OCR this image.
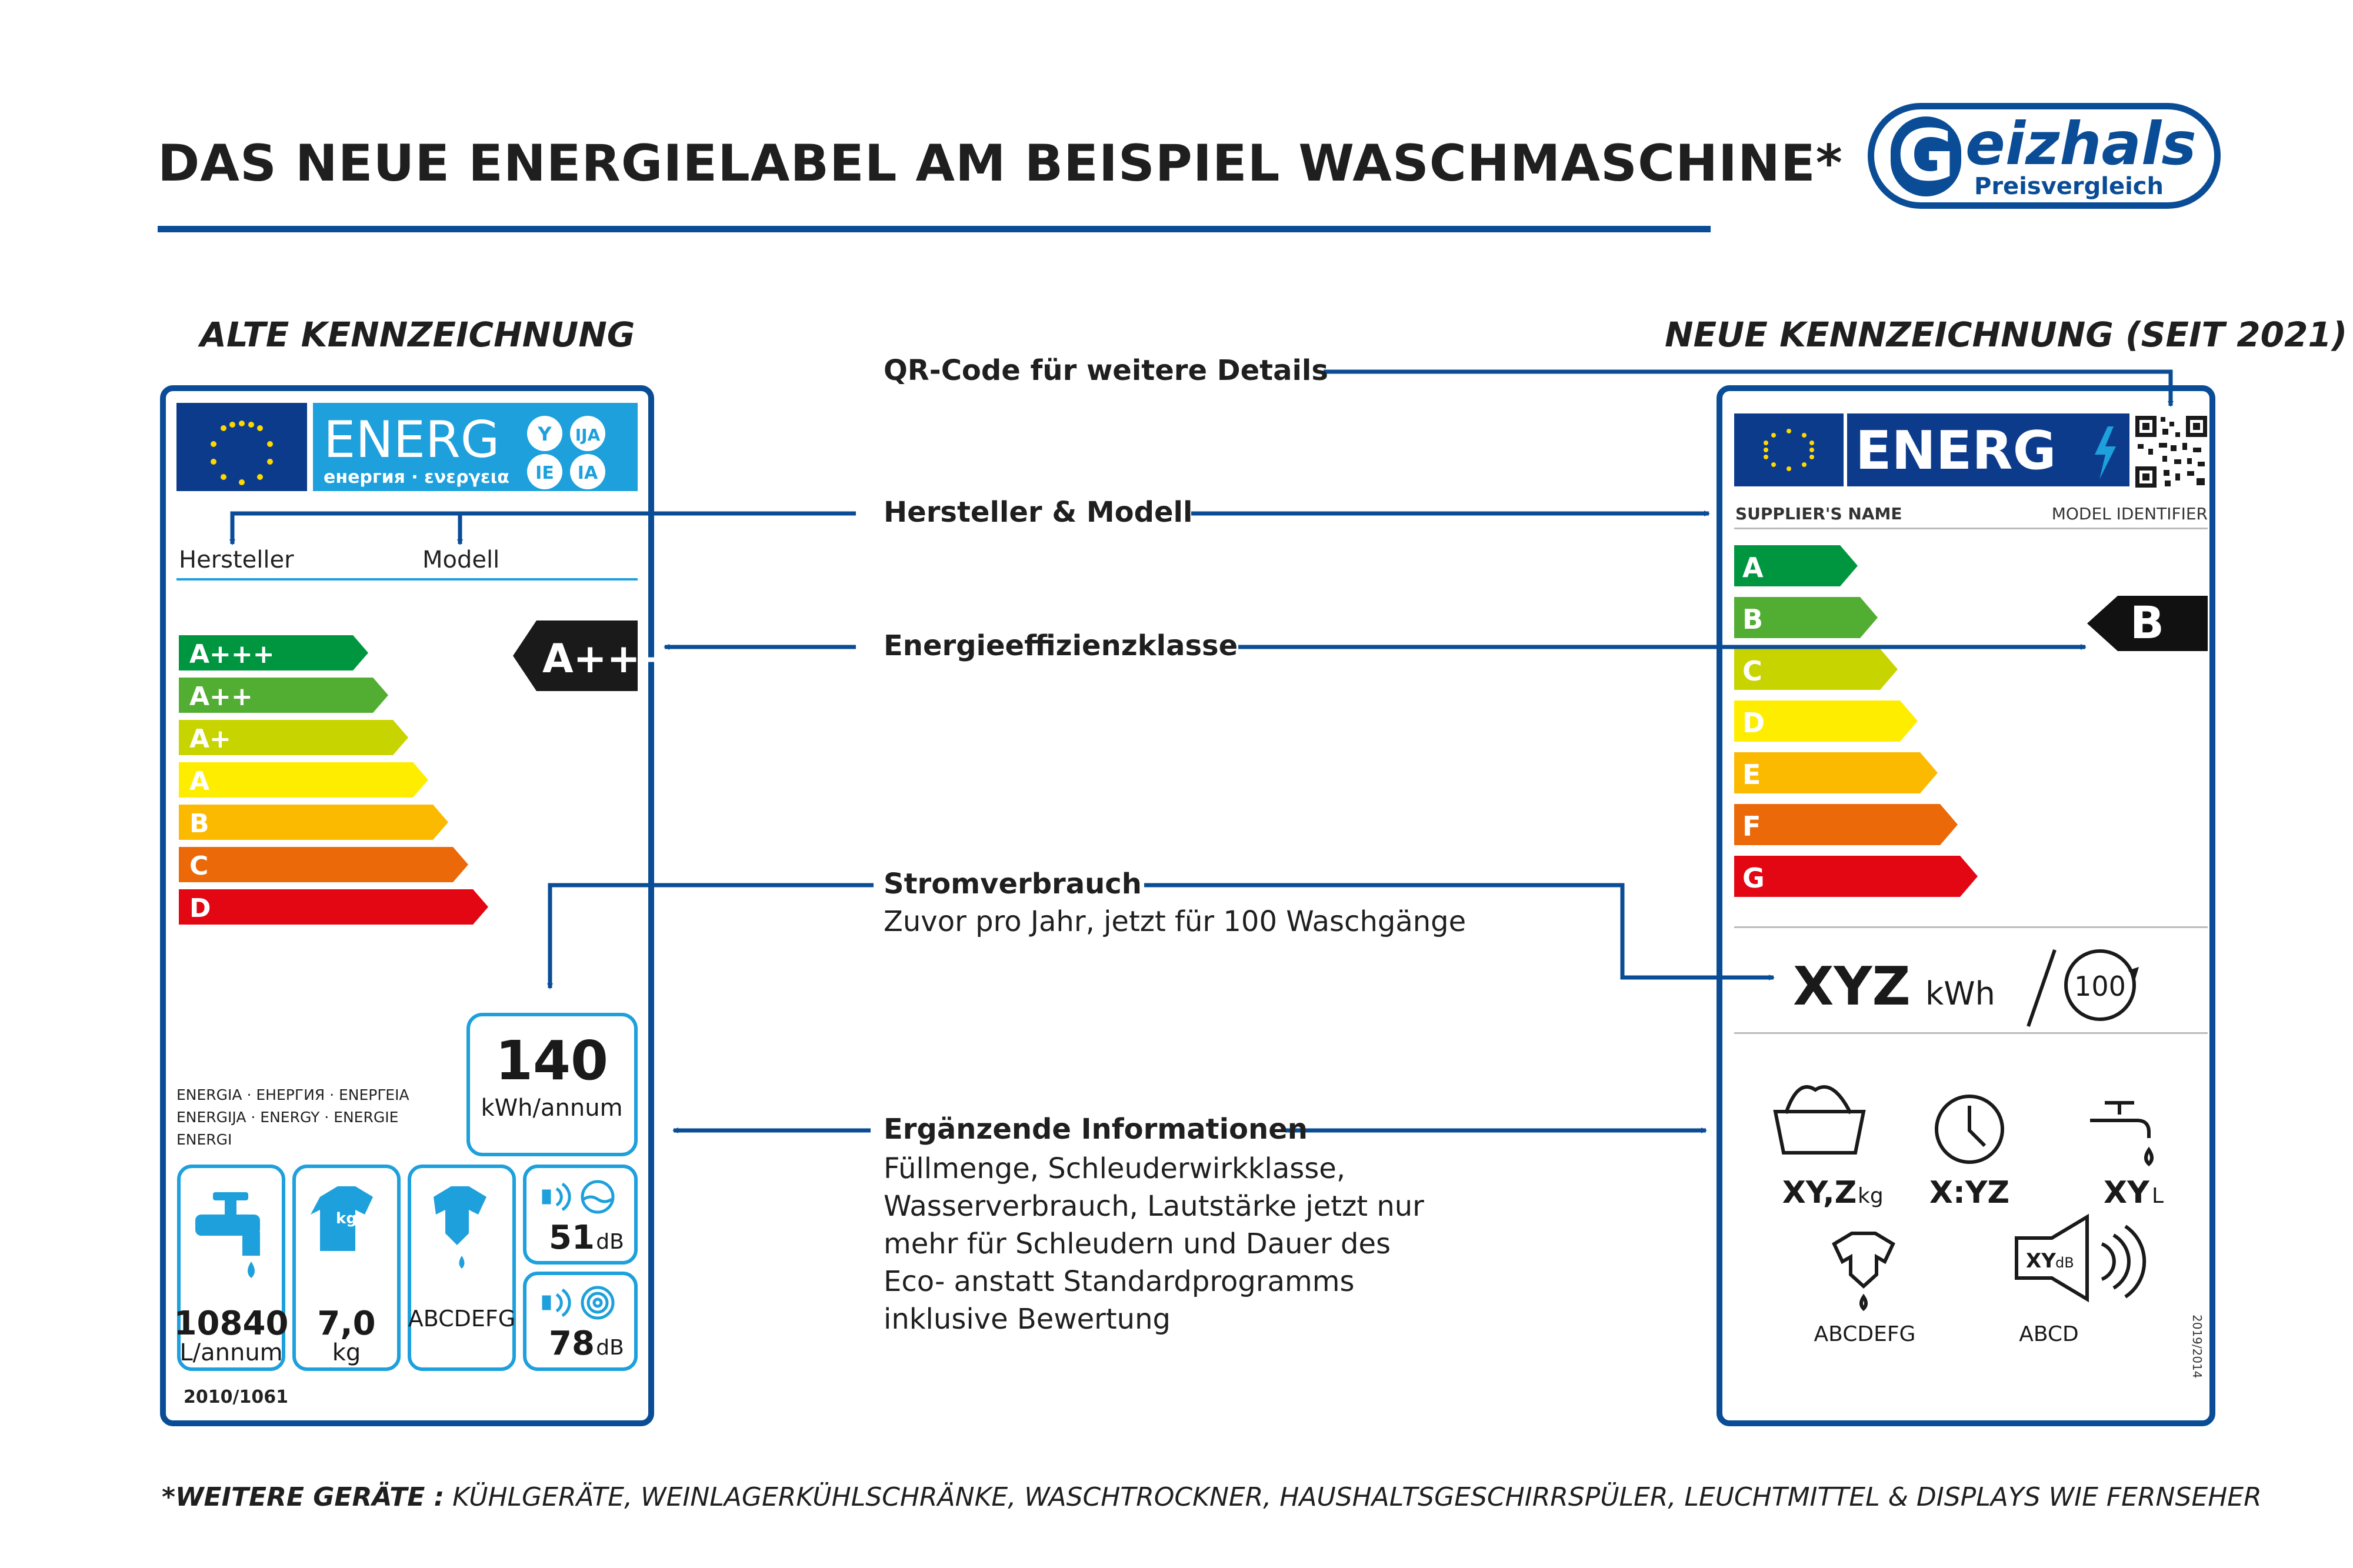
DAS NEUE ENERGIELABEL AM BEISPIEL WASCHMASCHINE* G eizhals
Preisvergleich
ALTE KENNZEICHNUNG	NEUE KENNZEICHNUNG (SEIT 2021)
ENERG
енергия · ενεργεια
Y IJA
IE IA
Hersteller	Modell
A+++
A++
A+
A
B
C
D
A+++
140
kWh/annum
ENERGIA · ЕНЕРГИЯ · ΕΝΕΡΓΕΙΑ
ENERGIJA · ENERGY · ENERGIE
ENERGI
10840
L/annum
kg
7,0
kg
ABCDEFG
51 dB
78 dB
2010/1061
ENERG
SUPPLIER'S NAME	MODEL IDENTIFIER
A
B
C
D
E
F
G
B
XYZ kWh	100
XY,Z kg X:YZ	XY L
ABCDEFG
XY dB
ABCD	2019/2014
QR-Code für weitere Details
Hersteller & Modell
Energieeffizienzklasse
Stromverbrauch
Zuvor pro Jahr, jetzt für 100 Waschgänge
Ergänzende Informationen
Füllmenge, Schleuderwirkklasse,
Wasserverbrauch, Lautstärke jetzt nur
mehr für Schleudern und Dauer des
Eco- anstatt Standardprogramms
inklusive Bewertung
*WEITERE GERÄTE : KÜHLGERÄTE, WEINLAGERKÜHLSCHRÄNKE, WASCHTROCKNER, HAUSHALTSGESCHIRRSPÜLER, LEUCHTMITTEL & DISPLAYS WIE FERNSEHER
